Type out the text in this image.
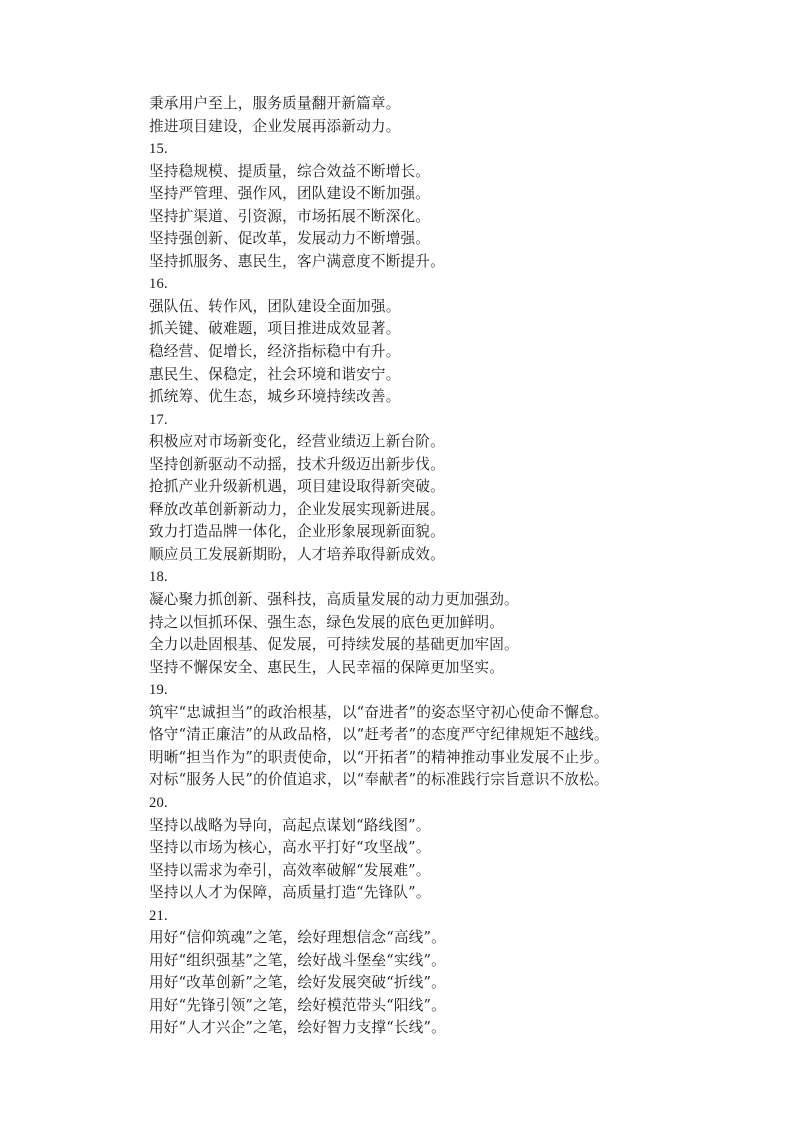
秉承用户至上，服务质量翻开新篇章。
推进项目建设，企业发展再添新动力。
15.
坚持稳规模、提质量，综合效益不断增长。
坚持严管理、强作风，团队建设不断加强。
坚持扩渠道、引资源，市场拓展不断深化。
坚持强创新、促改革，发展动力不断增强。
坚持抓服务、惠民生，客户满意度不断提升。
16.
强队伍、转作风，团队建设全面加强。
抓关键、破难题，项目推进成效显著。
稳经营、促增长，经济指标稳中有升。
惠民生、保稳定，社会环境和谐安宁。
抓统筹、优生态，城乡环境持续改善。
17.
积极应对市场新变化，经营业绩迈上新台阶。
坚持创新驱动不动摇，技术升级迈出新步伐。
抢抓产业升级新机遇，项目建设取得新突破。
释放改革创新新动力，企业发展实现新进展。
致力打造品牌一体化，企业形象展现新面貌。
顺应员工发展新期盼，人才培养取得新成效。
18.
凝心聚力抓创新、强科技，高质量发展的动力更加强劲。
持之以恒抓环保、强生态，绿色发展的底色更加鲜明。
全力以赴固根基、促发展，可持续发展的基础更加牢固。
坚持不懈保安全、惠民生，人民幸福的保障更加坚实。
19.
筑牢“忠诚担当”的政治根基，以“奋进者”的姿态坚守初心使命不懈怠。
恪守“清正廉洁”的从政品格，以“赶考者”的态度严守纪律规矩不越线。
明晰“担当作为”的职责使命，以“开拓者”的精神推动事业发展不止步。
对标“服务人民”的价值追求，以“奉献者”的标准践行宗旨意识不放松。
20.
坚持以战略为导向，高起点谋划“路线图”。
坚持以市场为核心，高水平打好“攻坚战”。
坚持以需求为牵引，高效率破解“发展难”。
坚持以人才为保障，高质量打造“先锋队”。
21.
用好“信仰筑魂”之笔，绘好理想信念“高线”。
用好“组织强基”之笔，绘好战斗堡垒“实线”。
用好“改革创新”之笔，绘好发展突破“折线”。
用好“先锋引领”之笔，绘好模范带头“阳线”。
用好“人才兴企”之笔，绘好智力支撑“长线”。
